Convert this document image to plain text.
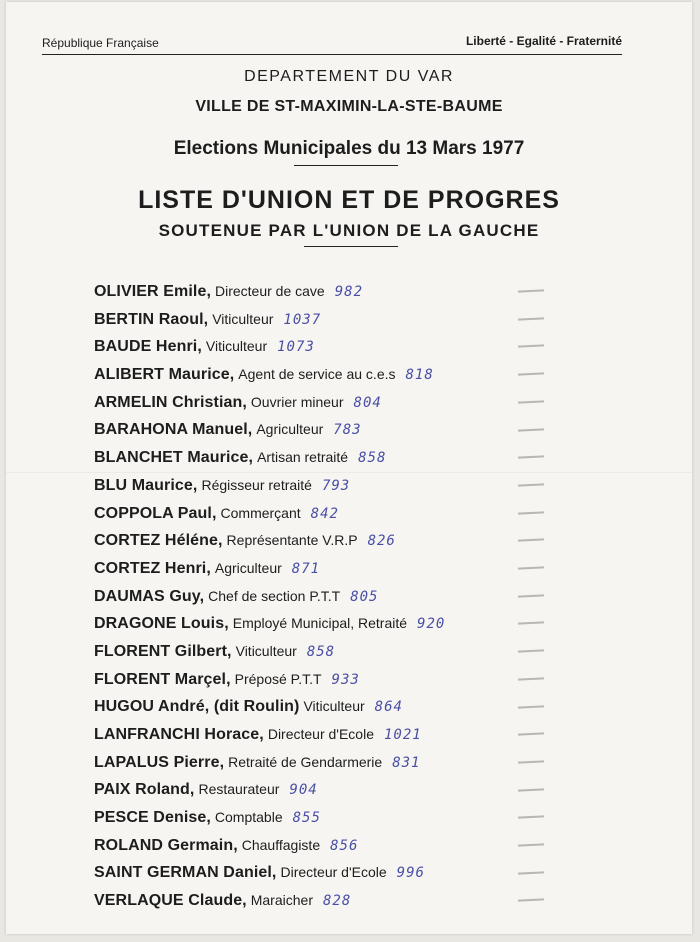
République Française	Liberté - Egalité - Fraternité
DEPARTEMENT DU VAR
VILLE DE ST-MAXIMIN-LA-STE-BAUME
Elections Municipales du 13 Mars 1977
LISTE D'UNION ET DE PROGRES
SOUTENUE PAR L'UNION DE LA GAUCHE
OLIVIER Emile, Directeur de cave 982
BERTIN Raoul, Viticulteur 1037
BAUDE Henri, Viticulteur 1073
ALIBERT Maurice, Agent de service au c.e.s 818
ARMELIN Christian, Ouvrier mineur 804
BARAHONA Manuel, Agriculteur 783
BLANCHET Maurice, Artisan retraité 858
BLU Maurice, Régisseur retraité 793
COPPOLA Paul, Commerçant 842
CORTEZ Héléne, Représentante V.R.P 826
CORTEZ Henri, Agriculteur 871
DAUMAS Guy, Chef de section P.T.T 805
DRAGONE Louis, Employé Municipal, Retraité 920
FLORENT Gilbert, Viticulteur 858
FLORENT Marçel, Préposé P.T.T 933
HUGOU André, (dit Roulin) Viticulteur 864
LANFRANCHI Horace, Directeur d'Ecole 1021
LAPALUS Pierre, Retraité de Gendarmerie 831
PAIX Roland, Restaurateur 904
PESCE Denise, Comptable 855
ROLAND Germain, Chauffagiste 856
SAINT GERMAN Daniel, Directeur d'Ecole 996
VERLAQUE Claude, Maraicher 828
